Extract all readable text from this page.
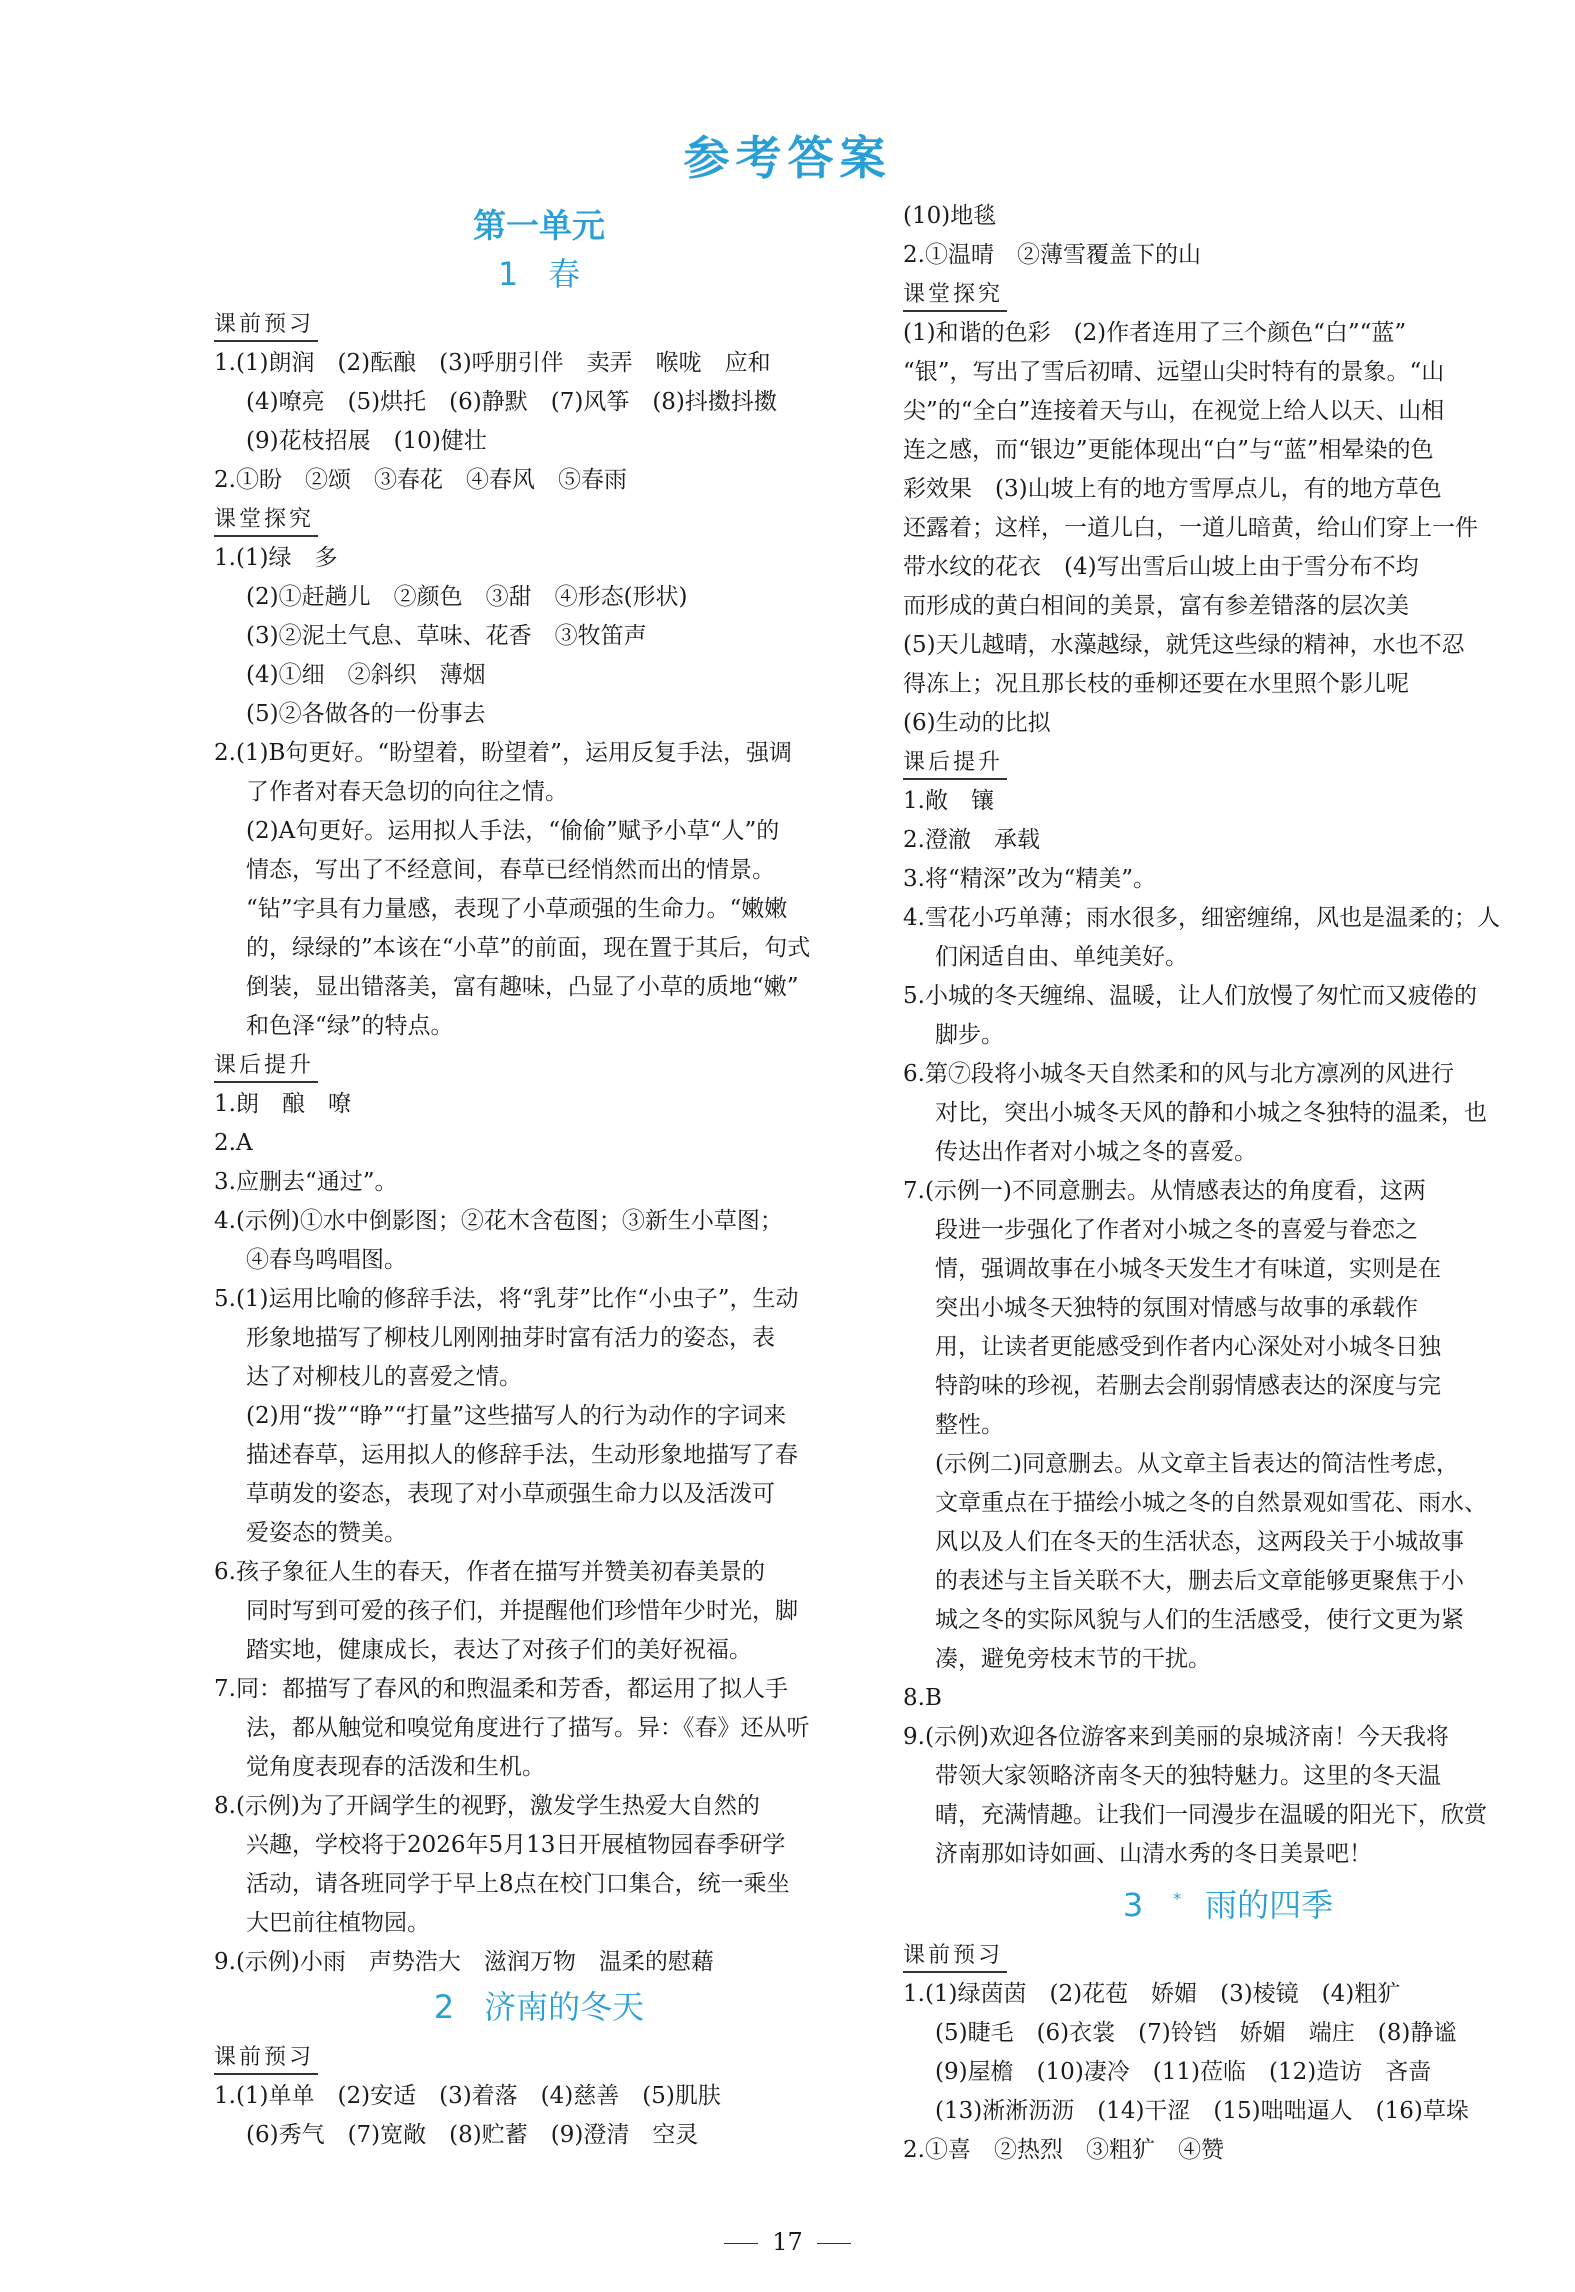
参考答案
第一单元
1 春
课前预习
1.(1)朗润　(2)酝酿　(3)呼朋引伴　卖弄　喉咙　应和
(4)嘹亮　(5)烘托　(6)静默　(7)风筝　(8)抖擞抖擞
(9)花枝招展　(10)健壮
2.①盼　②颂　③春花　④春风　⑤春雨
课堂探究
1.(1)绿　多
(2)①赶趟儿　②颜色　③甜　④形态(形状)
(3)②泥土气息、草味、花香　③牧笛声
(4)①细　②斜织　薄烟
(5)②各做各的一份事去
2.(1)B句更好。“盼望着，盼望着”，运用反复手法，强调
了作者对春天急切的向往之情。
(2)A句更好。运用拟人手法，“偷偷”赋予小草“人”的
情态，写出了不经意间，春草已经悄然而出的情景。
“钻”字具有力量感，表现了小草顽强的生命力。“嫩嫩
的，绿绿的”本该在“小草”的前面，现在置于其后，句式
倒装，显出错落美，富有趣味，凸显了小草的质地“嫩”
和色泽“绿”的特点。
课后提升
1.朗　酿　嘹
2.A
3.应删去“通过”。
4.(示例)①水中倒影图；②花木含苞图；③新生小草图；
④春鸟鸣唱图。
5.(1)运用比喻的修辞手法，将“乳芽”比作“小虫子”，生动
形象地描写了柳枝儿刚刚抽芽时富有活力的姿态，表
达了对柳枝儿的喜爱之情。
(2)用“拨”“睁”“打量”这些描写人的行为动作的字词来
描述春草，运用拟人的修辞手法，生动形象地描写了春
草萌发的姿态，表现了对小草顽强生命力以及活泼可
爱姿态的赞美。
6.孩子象征人生的春天，作者在描写并赞美初春美景的
同时写到可爱的孩子们，并提醒他们珍惜年少时光，脚
踏实地，健康成长，表达了对孩子们的美好祝福。
7.同：都描写了春风的和煦温柔和芳香，都运用了拟人手
法，都从触觉和嗅觉角度进行了描写。异：《春》还从听
觉角度表现春的活泼和生机。
8.(示例)为了开阔学生的视野，激发学生热爱大自然的
兴趣，学校将于2026年5月13日开展植物园春季研学
活动，请各班同学于早上8点在校门口集合，统一乘坐
大巴前往植物园。
9.(示例)小雨　声势浩大　滋润万物　温柔的慰藉
2 济南的冬天
课前预习
1.(1)单单　(2)安适　(3)着落　(4)慈善　(5)肌肤
(6)秀气　(7)宽敞　(8)贮蓄　(9)澄清　空灵
(10)地毯
2.①温晴　②薄雪覆盖下的山
课堂探究
(1)和谐的色彩　(2)作者连用了三个颜色“白”“蓝”
“银”，写出了雪后初晴、远望山尖时特有的景象。“山
尖”的“全白”连接着天与山，在视觉上给人以天、山相
连之感，而“银边”更能体现出“白”与“蓝”相晕染的色
彩效果　(3)山坡上有的地方雪厚点儿，有的地方草色
还露着；这样，一道儿白，一道儿暗黄，给山们穿上一件
带水纹的花衣　(4)写出雪后山坡上由于雪分布不均
而形成的黄白相间的美景，富有参差错落的层次美
(5)天儿越晴，水藻越绿，就凭这些绿的精神，水也不忍
得冻上；况且那长枝的垂柳还要在水里照个影儿呢
(6)生动的比拟
课后提升
1.敞　镶
2.澄澈　承载
3.将“精深”改为“精美”。
4.雪花小巧单薄；雨水很多，细密缠绵，风也是温柔的；人
们闲适自由、单纯美好。
5.小城的冬天缠绵、温暖，让人们放慢了匆忙而又疲倦的
脚步。
6.第⑦段将小城冬天自然柔和的风与北方凛冽的风进行
对比，突出小城冬天风的静和小城之冬独特的温柔，也
传达出作者对小城之冬的喜爱。
7.(示例一)不同意删去。从情感表达的角度看，这两
段进一步强化了作者对小城之冬的喜爱与眷恋之
情，强调故事在小城冬天发生才有味道，实则是在
突出小城冬天独特的氛围对情感与故事的承载作
用，让读者更能感受到作者内心深处对小城冬日独
特韵味的珍视，若删去会削弱情感表达的深度与完
整性。
(示例二)同意删去。从文章主旨表达的简洁性考虑，
文章重点在于描绘小城之冬的自然景观如雪花、雨水、
风以及人们在冬天的生活状态，这两段关于小城故事
的表述与主旨关联不大，删去后文章能够更聚焦于小
城之冬的实际风貌与人们的生活感受，使行文更为紧
凑，避免旁枝末节的干扰。
8.B
9.(示例)欢迎各位游客来到美丽的泉城济南！今天我将
带领大家领略济南冬天的独特魅力。这里的冬天温
晴，充满情趣。让我们一同漫步在温暖的阳光下，欣赏
济南那如诗如画、山清水秀的冬日美景吧！
3 * 雨的四季
课前预习
1.(1)绿茵茵　(2)花苞　娇媚　(3)棱镜　(4)粗犷
(5)睫毛　(6)衣裳　(7)铃铛　娇媚　端庄　(8)静谧
(9)屋檐　(10)凄冷　(11)莅临　(12)造访　吝啬
(13)淅淅沥沥　(14)干涩　(15)咄咄逼人　(16)草垛
2.①喜　②热烈　③粗犷　④赞
17
